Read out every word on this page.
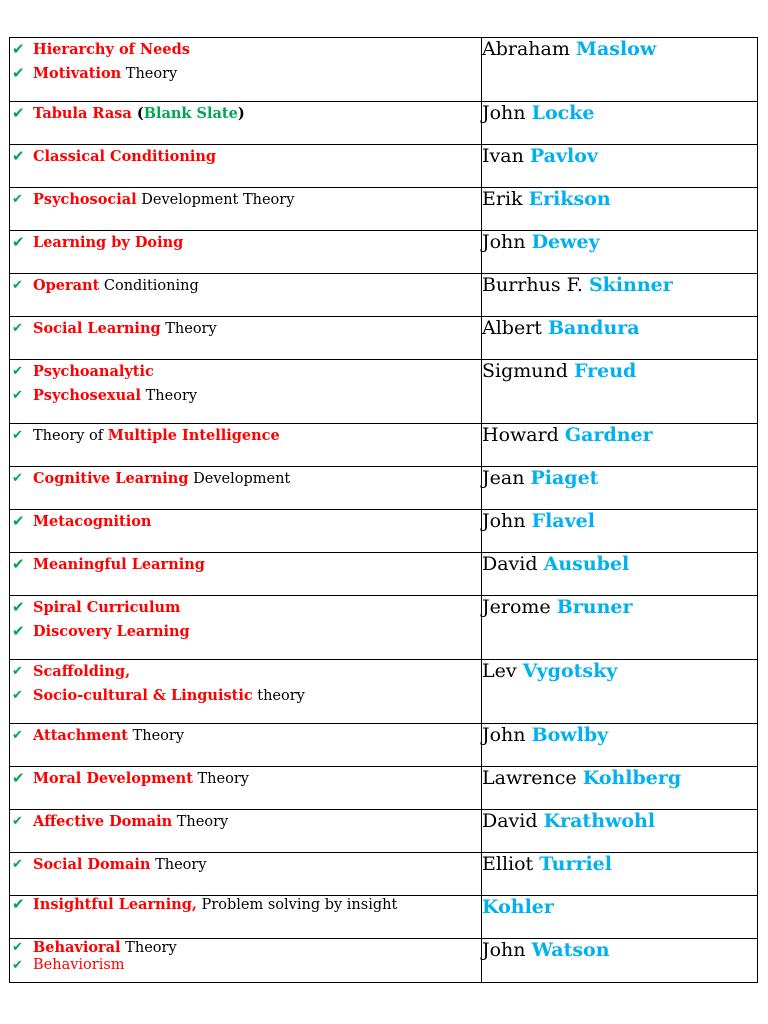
✔ Hierarchy of Needs
✔ Motivation Theory	Abraham Maslow

✔ Tabula Rasa (Blank Slate)	John Locke

✔ Classical Conditioning	Ivan Pavlov

✔ Psychosocial Development Theory	Erik Erikson

✔ Learning by Doing	John Dewey

✔ Operant Conditioning	Burrhus F. Skinner

✔ Social Learning Theory	Albert Bandura

✔ Psychoanalytic
✔ Psychosexual Theory	Sigmund Freud

✔ Theory of Multiple Intelligence	Howard Gardner

✔ Cognitive Learning Development	Jean Piaget

✔ Metacognition	John Flavel

✔ Meaningful Learning	David Ausubel

✔ Spiral Curriculum
✔ Discovery Learning	Jerome Bruner

✔ Scaffolding,
✔ Socio-cultural & Linguistic theory	Lev Vygotsky

✔ Attachment Theory	John Bowlby

✔ Moral Development Theory	Lawrence Kohlberg

✔ Affective Domain Theory	David Krathwohl

✔ Social Domain Theory	Elliot Turriel

✔ Insightful Learning, Problem solving by insight	Kohler

✔ Behavioral Theory
✔ Behaviorism	John Watson
